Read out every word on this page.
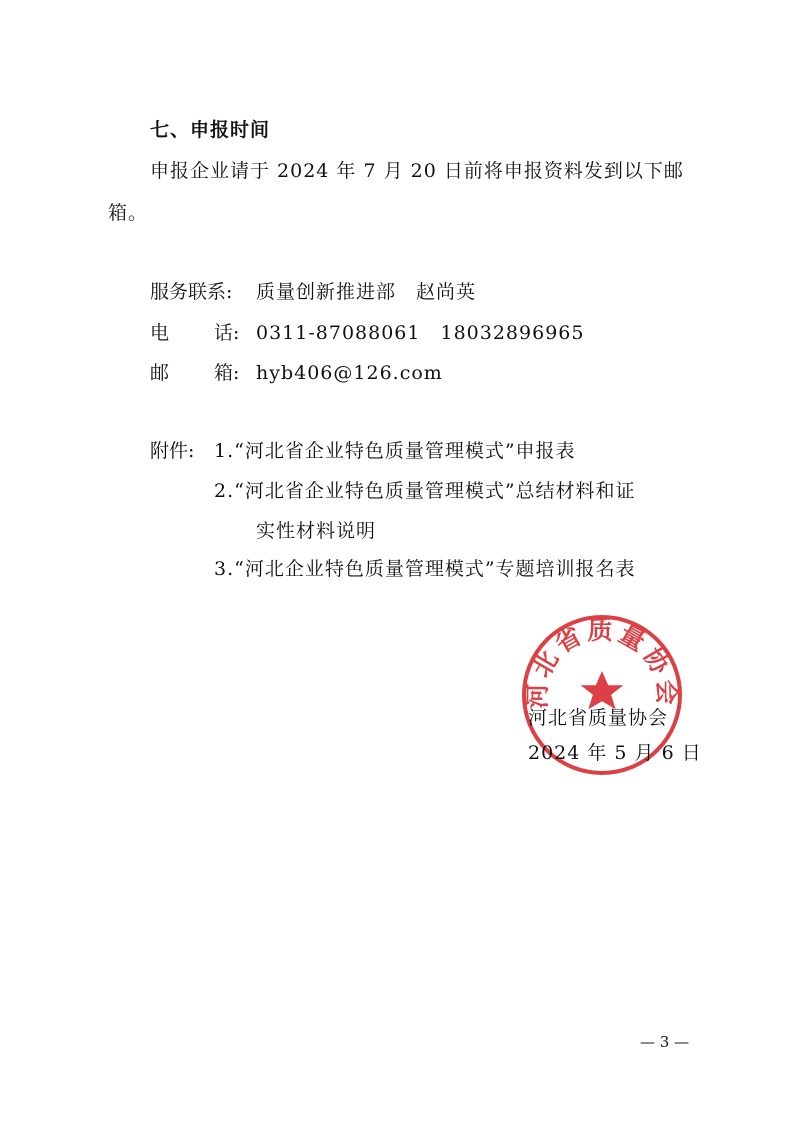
七、申报时间
申报企业请于 2024 年 7 月 20 日前将申报资料发到以下邮
箱。
服务联系: 质量创新推进部　赵尚英
电 话: 0311-87088061　18032896965
邮 箱: hyb406@126.com
附件: 1.“河北省企业特色质量管理模式”申报表
2.“河北省企业特色质量管理模式”总结材料和证
实性材料说明
3.“河北企业特色质量管理模式”专题培训报名表
河北省质量协会
河北省质量协会
2024 年 5 月 6 日
— 3 —
